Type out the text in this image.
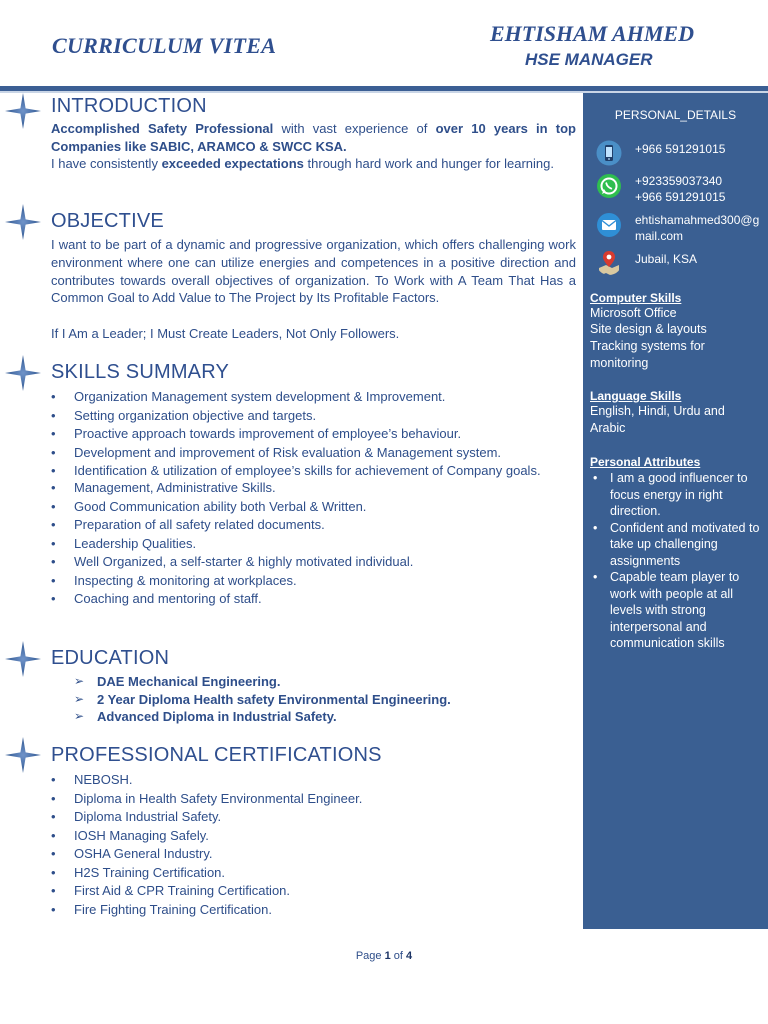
CURRICULUM VITEA	EHTISHAM AHMED
HSE MANAGER
INTRODUCTION

Accomplished Safety Professional with vast experience of over 10 years in top Companies like SABIC, ARAMCO & SWCC KSA.

I have consistently exceeded expectations through hard work and hunger for learning.

OBJECTIVE

I want to be part of a dynamic and progressive organization, which offers challenging work environment where one can utilize energies and competences in a positive direction and contributes towards overall objectives of organization. To Work with A Team That Has a Common Goal to Add Value to The Project by Its Profitable Factors.

If I Am a Leader; I Must Create Leaders, Not Only Followers.

SKILLS SUMMARY
• Organization Management system development & Improvement.
• Setting organization objective and targets.
• Proactive approach towards improvement of employee’s behaviour.
• Development and improvement of Risk evaluation & Management system.
• Identification & utilization of employee’s skills for achievement of Company goals.
• Management, Administrative Skills.
• Good Communication ability both Verbal & Written.
• Preparation of all safety related documents.
• Leadership Qualities.
• Well Organized, a self-starter & highly motivated individual.
• Inspecting & monitoring at workplaces.
• Coaching and mentoring of staff.
EDUCATION
➢ DAE Mechanical Engineering.
➢ 2 Year Diploma Health safety Environmental Engineering.
➢ Advanced Diploma in Industrial Safety.
PROFESSIONAL CERTIFICATIONS
• NEBOSH.
• Diploma in Health Safety Environmental Engineer.
• Diploma Industrial Safety.
• IOSH Managing Safely.
• OSHA General Industry.
• H2S Training Certification.
• First Aid & CPR Training Certification.
• Fire Fighting Training Certification.
PERSONAL_DETAILS
+966 591291015
+923359037340
+966 591291015
ehtishamahmed300@gmail.com
Jubail, KSA
Computer Skills
Microsoft Office
Site design & layouts
Tracking systems for monitoring
Language Skills
English, Hindi, Urdu and Arabic
Personal Attributes
• I am a good influencer to focus energy in right direction.
• Confident and motivated to take up challenging assignments
• Capable team player to work with people at all levels with strong interpersonal and communication skills
Page 1 of 4
